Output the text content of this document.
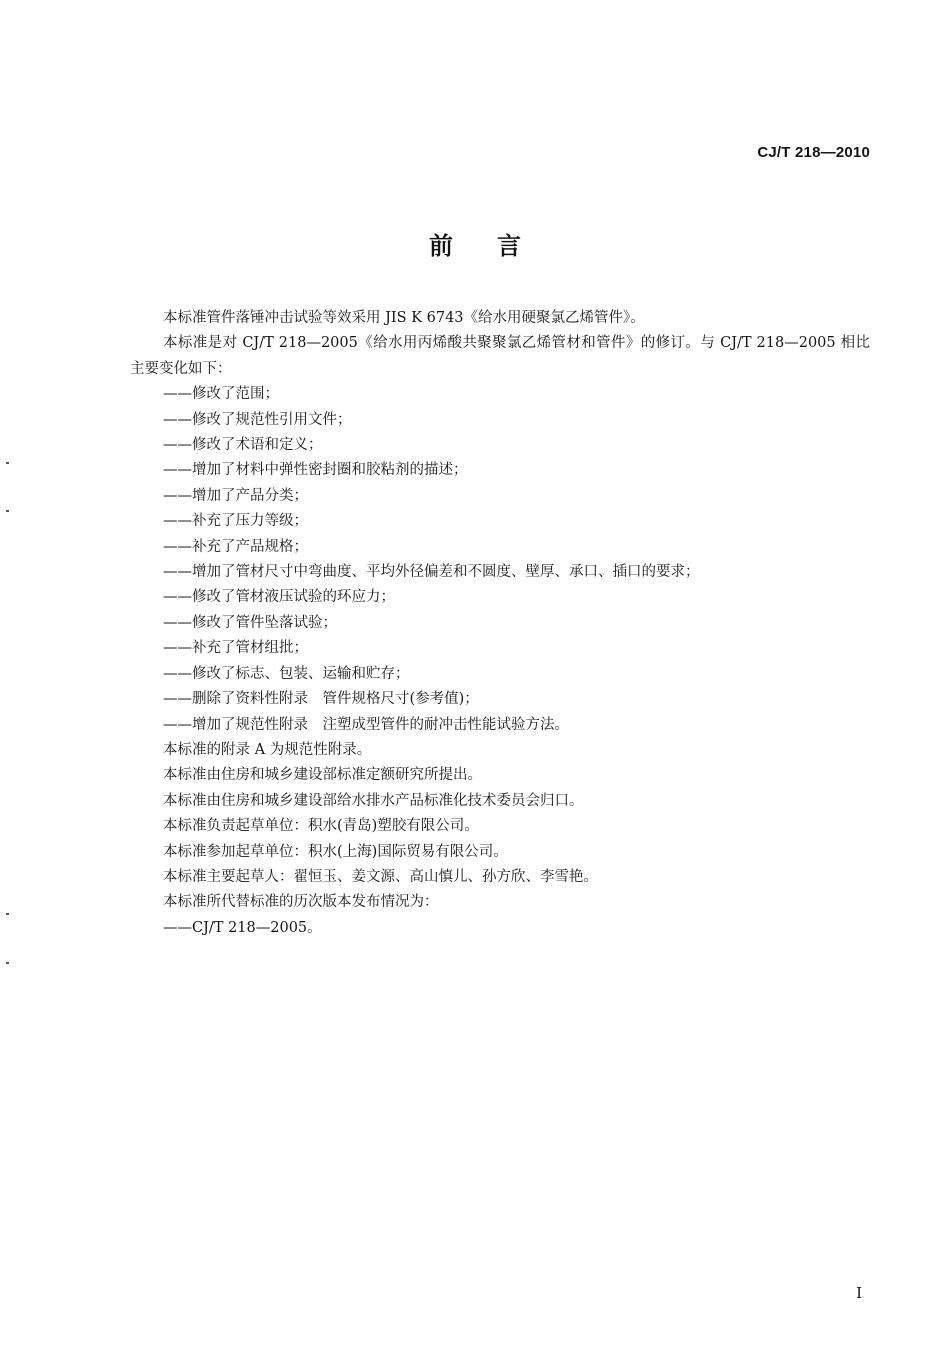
CJ/T 218—2010
前言

本标准管件落锤冲击试验等效采用 JIS K 6743《给水用硬聚氯乙烯管件》。

本标准是对 CJ/T 218—2005《给水用丙烯酸共聚聚氯乙烯管材和管件》的修订。与 CJ/T 218—2005 相比主要变化如下：

——修改了范围；

——修改了规范性引用文件；

——修改了术语和定义；

——增加了材料中弹性密封圈和胶粘剂的描述；

——增加了产品分类；

——补充了压力等级；

——补充了产品规格；

——增加了管材尺寸中弯曲度、平均外径偏差和不圆度、壁厚、承口、插口的要求；

——修改了管材液压试验的环应力；

——修改了管件坠落试验；

——补充了管材组批；

——修改了标志、包装、运输和贮存；

——删除了资料性附录　管件规格尺寸(参考值)；

——增加了规范性附录　注塑成型管件的耐冲击性能试验方法。

本标准的附录 A 为规范性附录。

本标准由住房和城乡建设部标准定额研究所提出。

本标准由住房和城乡建设部给水排水产品标准化技术委员会归口。

本标准负责起草单位：积水(青岛)塑胶有限公司。

本标准参加起草单位：积水(上海)国际贸易有限公司。

本标准主要起草人：翟恒玉、姜文源、高山慎儿、孙方欣、李雪艳。

本标准所代替标准的历次版本发布情况为：

——CJ/T 218—2005。

I
